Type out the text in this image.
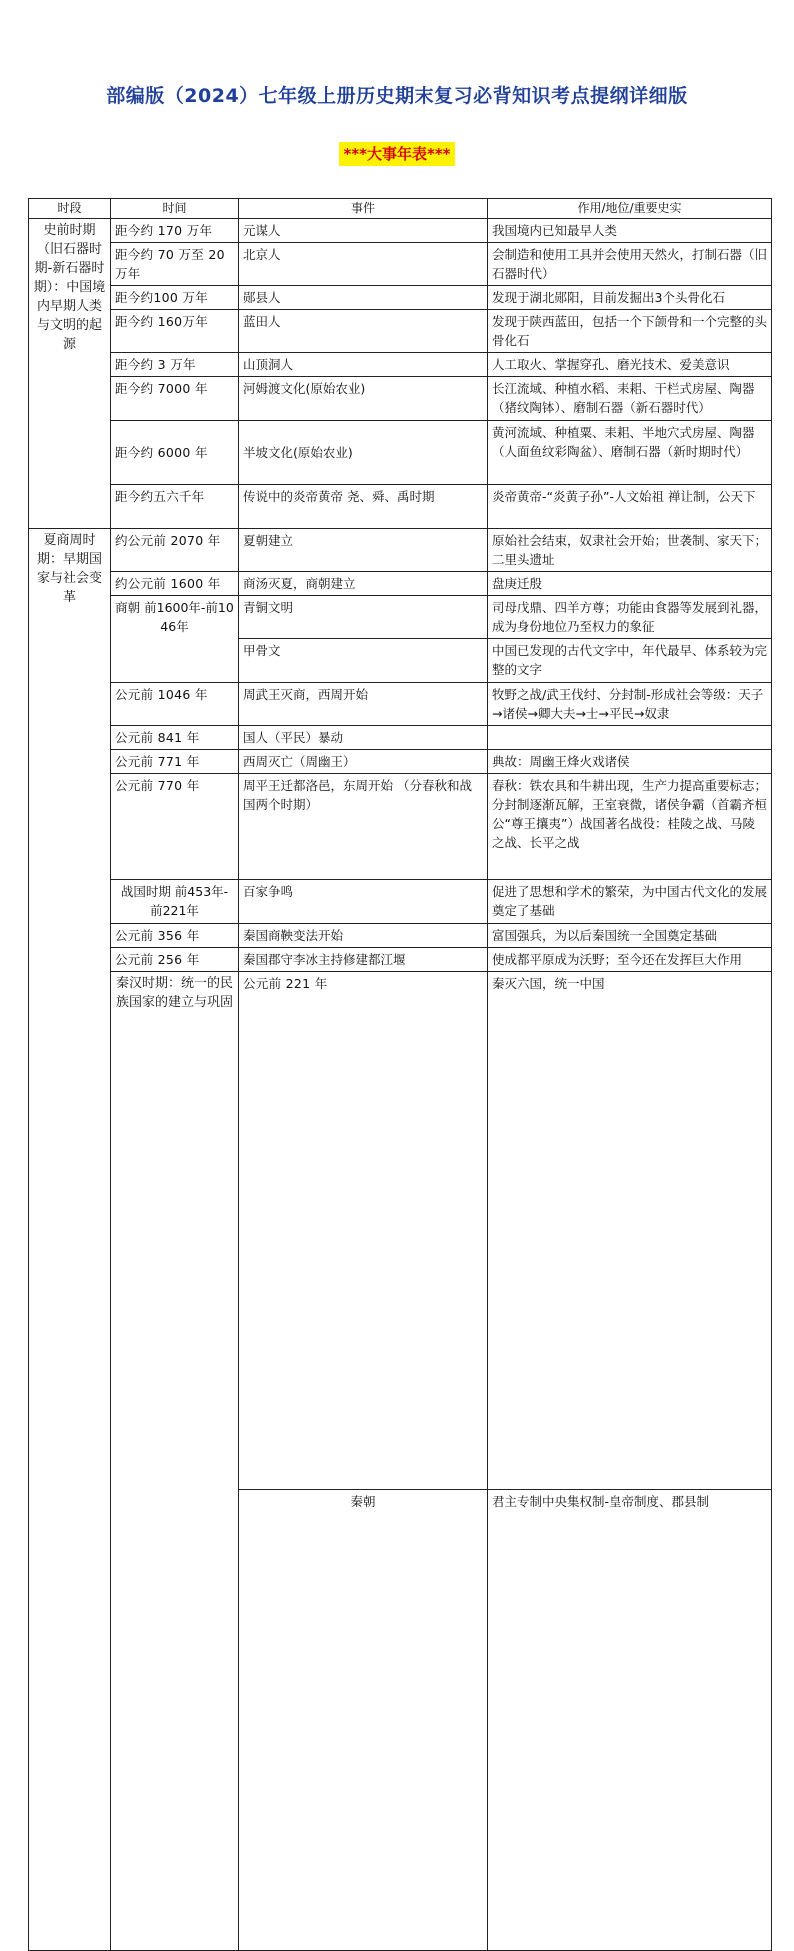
部编版（2024）七年级上册历史期末复习必背知识考点提纲详细版
***大事年表***
时段	时间	事件	作用/地位/重要史实	
史前时期（旧石器时期-新石器时期）：中国境内早期人类与文明的起源	距今约 170 万年	元谋人	我国境内已知最早人类	
	距今约 70 万至 20 万年	北京人	会制造和使用工具并会使用天然火，打制石器（旧石器时代）	
	距今约100 万年	郧县人	发现于湖北郧阳，目前发掘出3个头骨化石	
	距今约 160万年	蓝田人	发现于陕西蓝田，包括一个下颌骨和一个完整的头骨化石	
	距今约 3 万年	山顶洞人	人工取火、掌握穿孔、磨光技术、爱美意识	
	距今约 7000 年	河姆渡文化(原始农业)	长江流域、种植水稻、耒耜、干栏式房屋、陶器（猪纹陶钵）、磨制石器（新石器时代）	
	距今约 6000 年	半坡文化(原始农业)	黄河流域、种植粟、耒耜、半地穴式房屋、陶器（人面鱼纹彩陶盆）、磨制石器（新时期时代）	
	距今约五六千年	传说中的炎帝黄帝 尧、舜、禹时期	炎帝黄帝-“炎黄子孙”-人文始祖 禅让制，公天下	
夏商周时期：早期国家与社会变革	约公元前 2070 年	夏朝建立	原始社会结束，奴隶社会开始；世袭制、家天下；二里头遗址	
	约公元前 1600 年	商汤灭夏，商朝建立	盘庚迁殷	
	商朝 前1600年-前1046年	青铜文明	司母戊鼎、四羊方尊；功能由食器等发展到礼器，成为身份地位乃至权力的象征	
		甲骨文	中国已发现的古代文字中，年代最早、体系较为完整的文字	
	公元前 1046 年	周武王灭商，西周开始	牧野之战/武王伐纣、分封制-形成社会等级：天子→诸侯→卿大夫→士→平民→奴隶	
	公元前 841 年	国人（平民）暴动		
	公元前 771 年	西周灭亡（周幽王）	典故：周幽王烽火戏诸侯	
	公元前 770 年	周平王迁都洛邑，东周开始 （分春秋和战国两个时期）	春秋：铁农具和牛耕出现，生产力提高重要标志；分封制逐渐瓦解，王室衰微，诸侯争霸（首霸齐桓公“尊王攘夷”）战国著名战役：桂陵之战、马陵之战、长平之战	
	战国时期 前453年-前221年	百家争鸣	促进了思想和学术的繁荣，为中国古代文化的发展奠定了基础	
	公元前 356 年	秦国商鞅变法开始	富国强兵，为以后秦国统一全国奠定基础	
	公元前 256 年	秦国郡守李冰主持修建都江堰	使成都平原成为沃野；至今还在发挥巨大作用	
	秦汉时期：统一的民族国家的建立与巩固	公元前 221 年	秦灭六国，统一中国	
		秦朝	君主专制中央集权制-皇帝制度、郡县制	
